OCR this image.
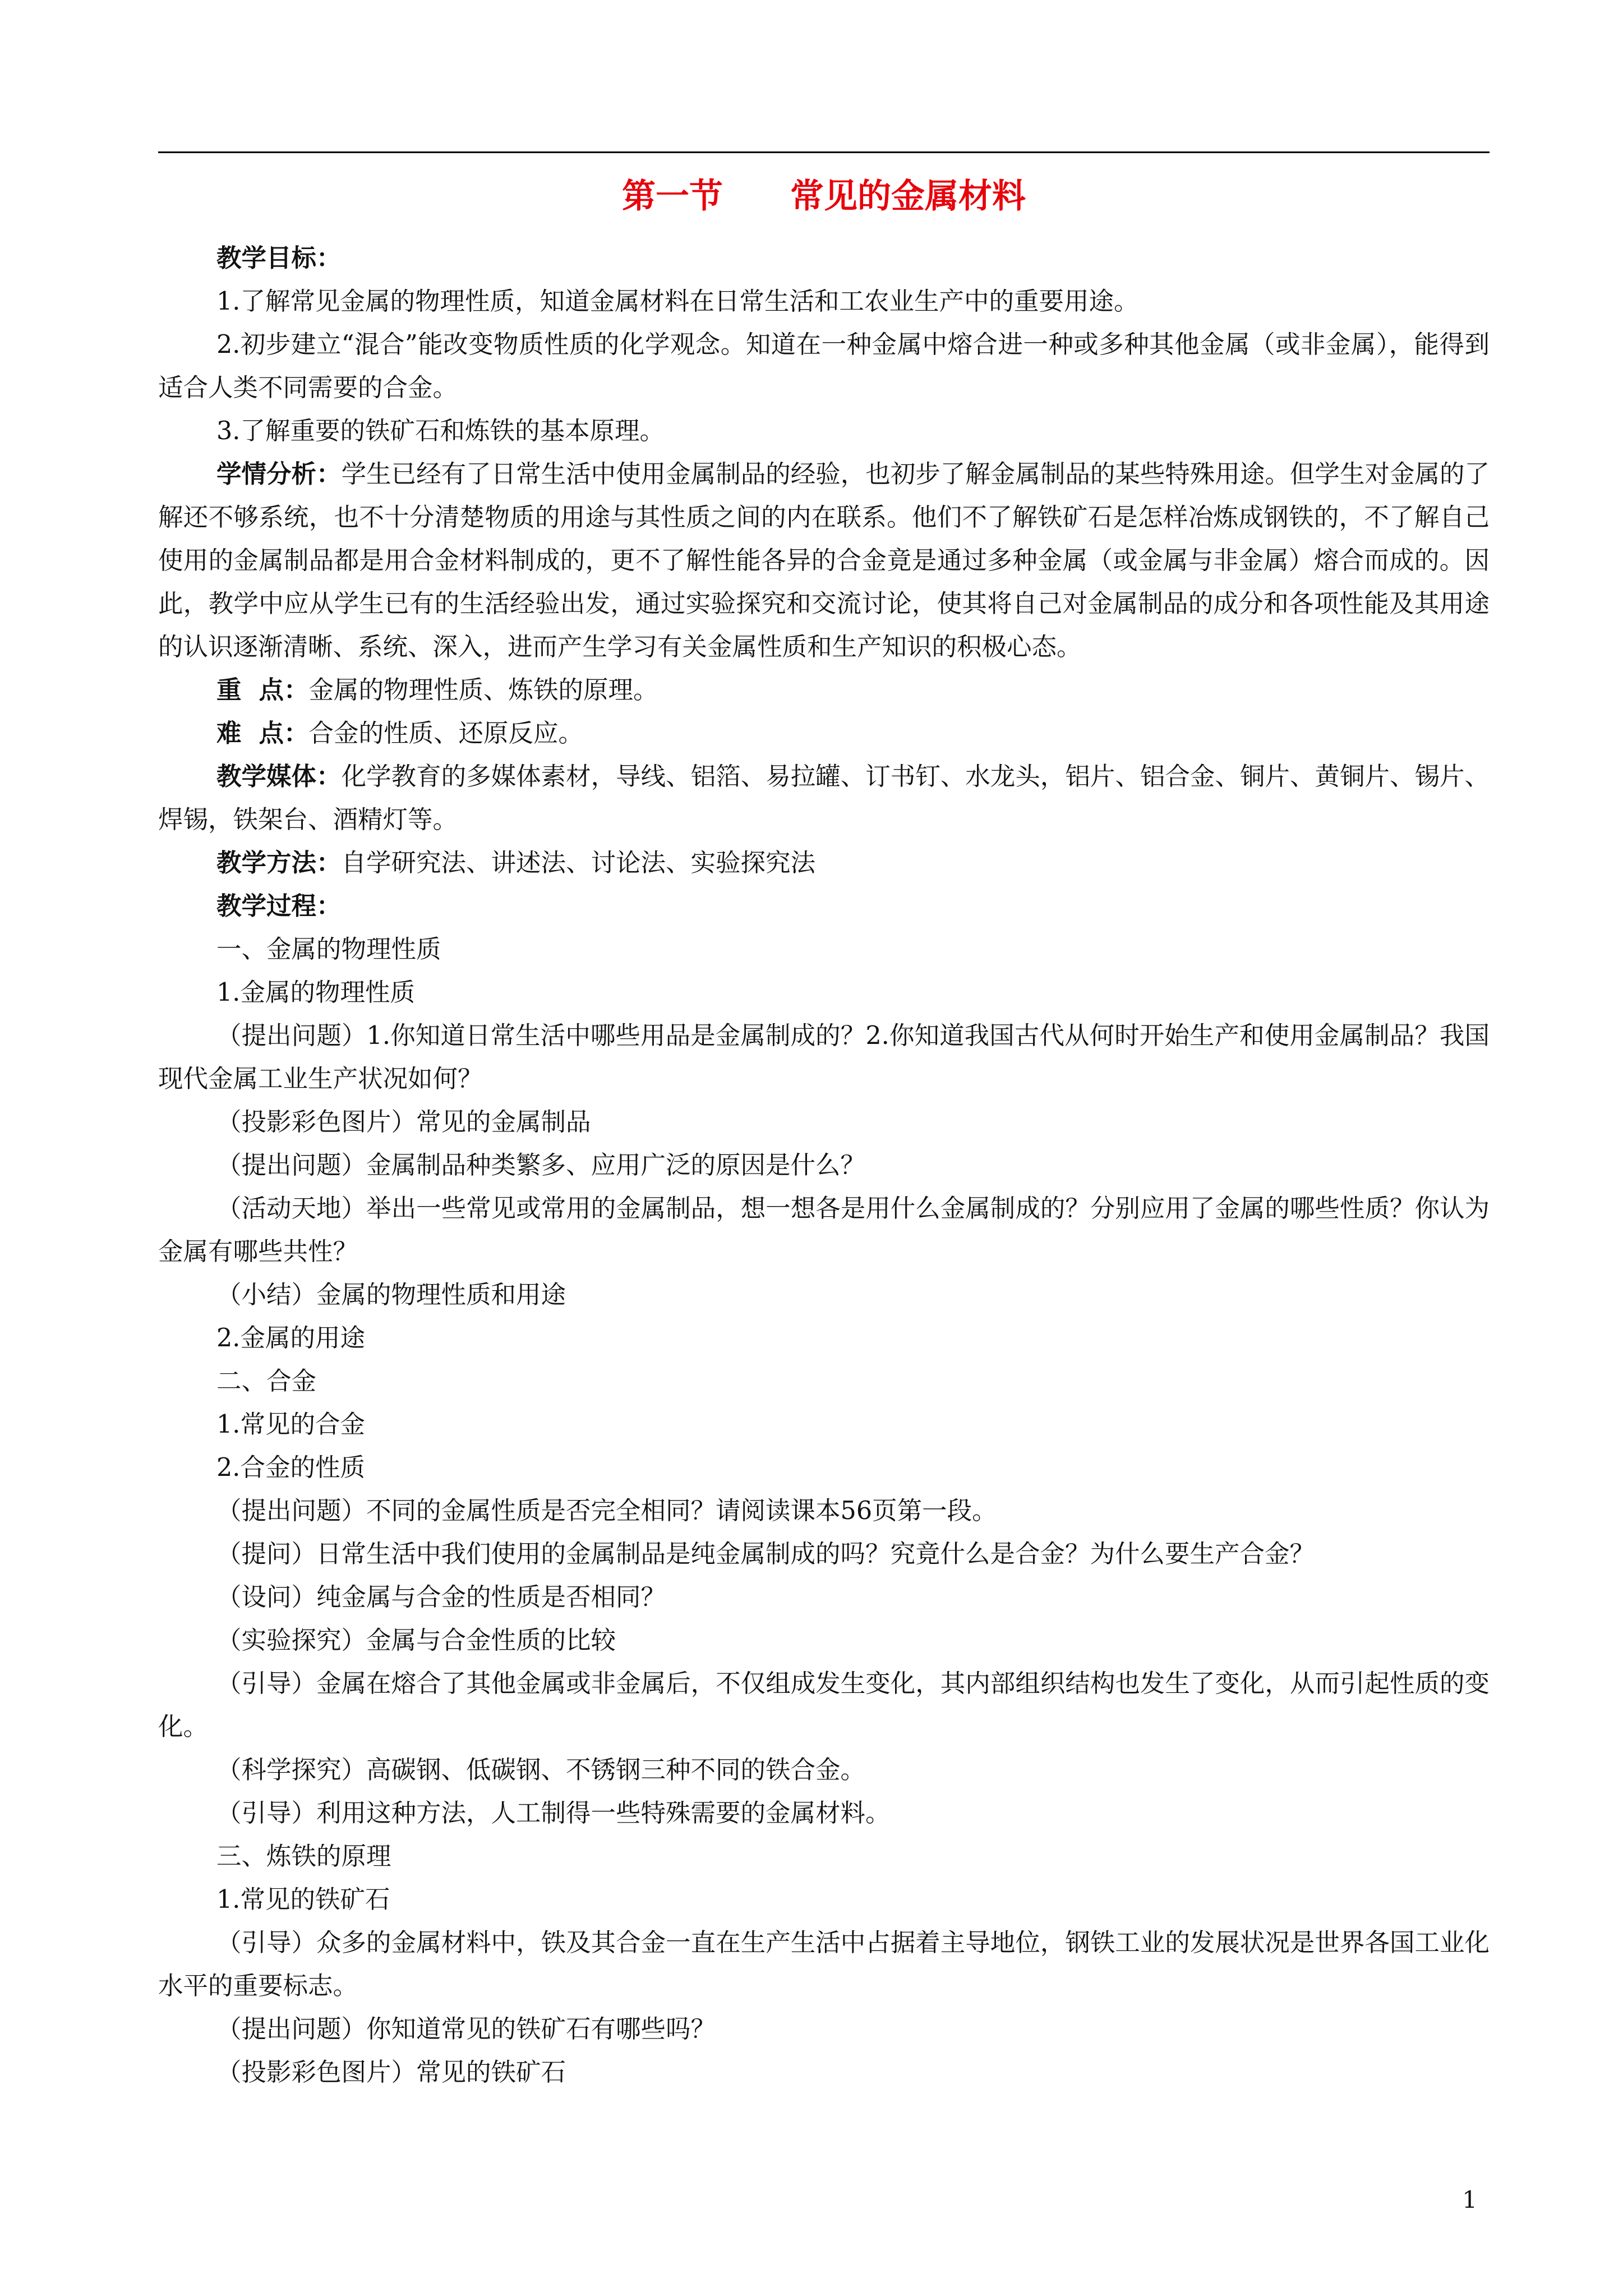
第一节　　常见的金属材料

教学目标：

1.了解常见金属的物理性质，知道金属材料在日常生活和工农业生产中的重要用途。

2.初步建立“混合”能改变物质性质的化学观念。知道在一种金属中熔合进一种或多种其他金属（或非金属），能得到适合人类不同需要的合金。

3.了解重要的铁矿石和炼铁的基本原理。

学情分析：学生已经有了日常生活中使用金属制品的经验，也初步了解金属制品的某些特殊用途。但学生对金属的了解还不够系统，也不十分清楚物质的用途与其性质之间的内在联系。他们不了解铁矿石是怎样冶炼成钢铁的，不了解自己使用的金属制品都是用合金材料制成的，更不了解性能各异的合金竟是通过多种金属（或金属与非金属）熔合而成的。因此，教学中应从学生已有的生活经验出发，通过实验探究和交流讨论，使其将自己对金属制品的成分和各项性能及其用途的认识逐渐清晰、系统、深入，进而产生学习有关金属性质和生产知识的积极心态。

重  点：金属的物理性质、炼铁的原理。

难  点：合金的性质、还原反应。

教学媒体：化学教育的多媒体素材，导线、铝箔、易拉罐、订书钉、水龙头，铝片、铝合金、铜片、黄铜片、锡片、焊锡，铁架台、酒精灯等。

教学方法：自学研究法、讲述法、讨论法、实验探究法

教学过程：

一、金属的物理性质

1.金属的物理性质

（提出问题）1.你知道日常生活中哪些用品是金属制成的？2.你知道我国古代从何时开始生产和使用金属制品？我国现代金属工业生产状况如何？

（投影彩色图片）常见的金属制品

（提出问题）金属制品种类繁多、应用广泛的原因是什么？

（活动天地）举出一些常见或常用的金属制品，想一想各是用什么金属制成的？分别应用了金属的哪些性质？你认为金属有哪些共性？

（小结）金属的物理性质和用途

2.金属的用途

二、合金

1.常见的合金

2.合金的性质

（提出问题）不同的金属性质是否完全相同？请阅读课本56页第一段。

（提问）日常生活中我们使用的金属制品是纯金属制成的吗？究竟什么是合金？为什么要生产合金？

（设问）纯金属与合金的性质是否相同？

（实验探究）金属与合金性质的比较

（引导）金属在熔合了其他金属或非金属后，不仅组成发生变化，其内部组织结构也发生了变化，从而引起性质的变化。

（科学探究）高碳钢、低碳钢、不锈钢三种不同的铁合金。

（引导）利用这种方法，人工制得一些特殊需要的金属材料。

三、炼铁的原理

1.常见的铁矿石

（引导）众多的金属材料中，铁及其合金一直在生产生活中占据着主导地位，钢铁工业的发展状况是世界各国工业化水平的重要标志。

（提出问题）你知道常见的铁矿石有哪些吗？

（投影彩色图片）常见的铁矿石

1
